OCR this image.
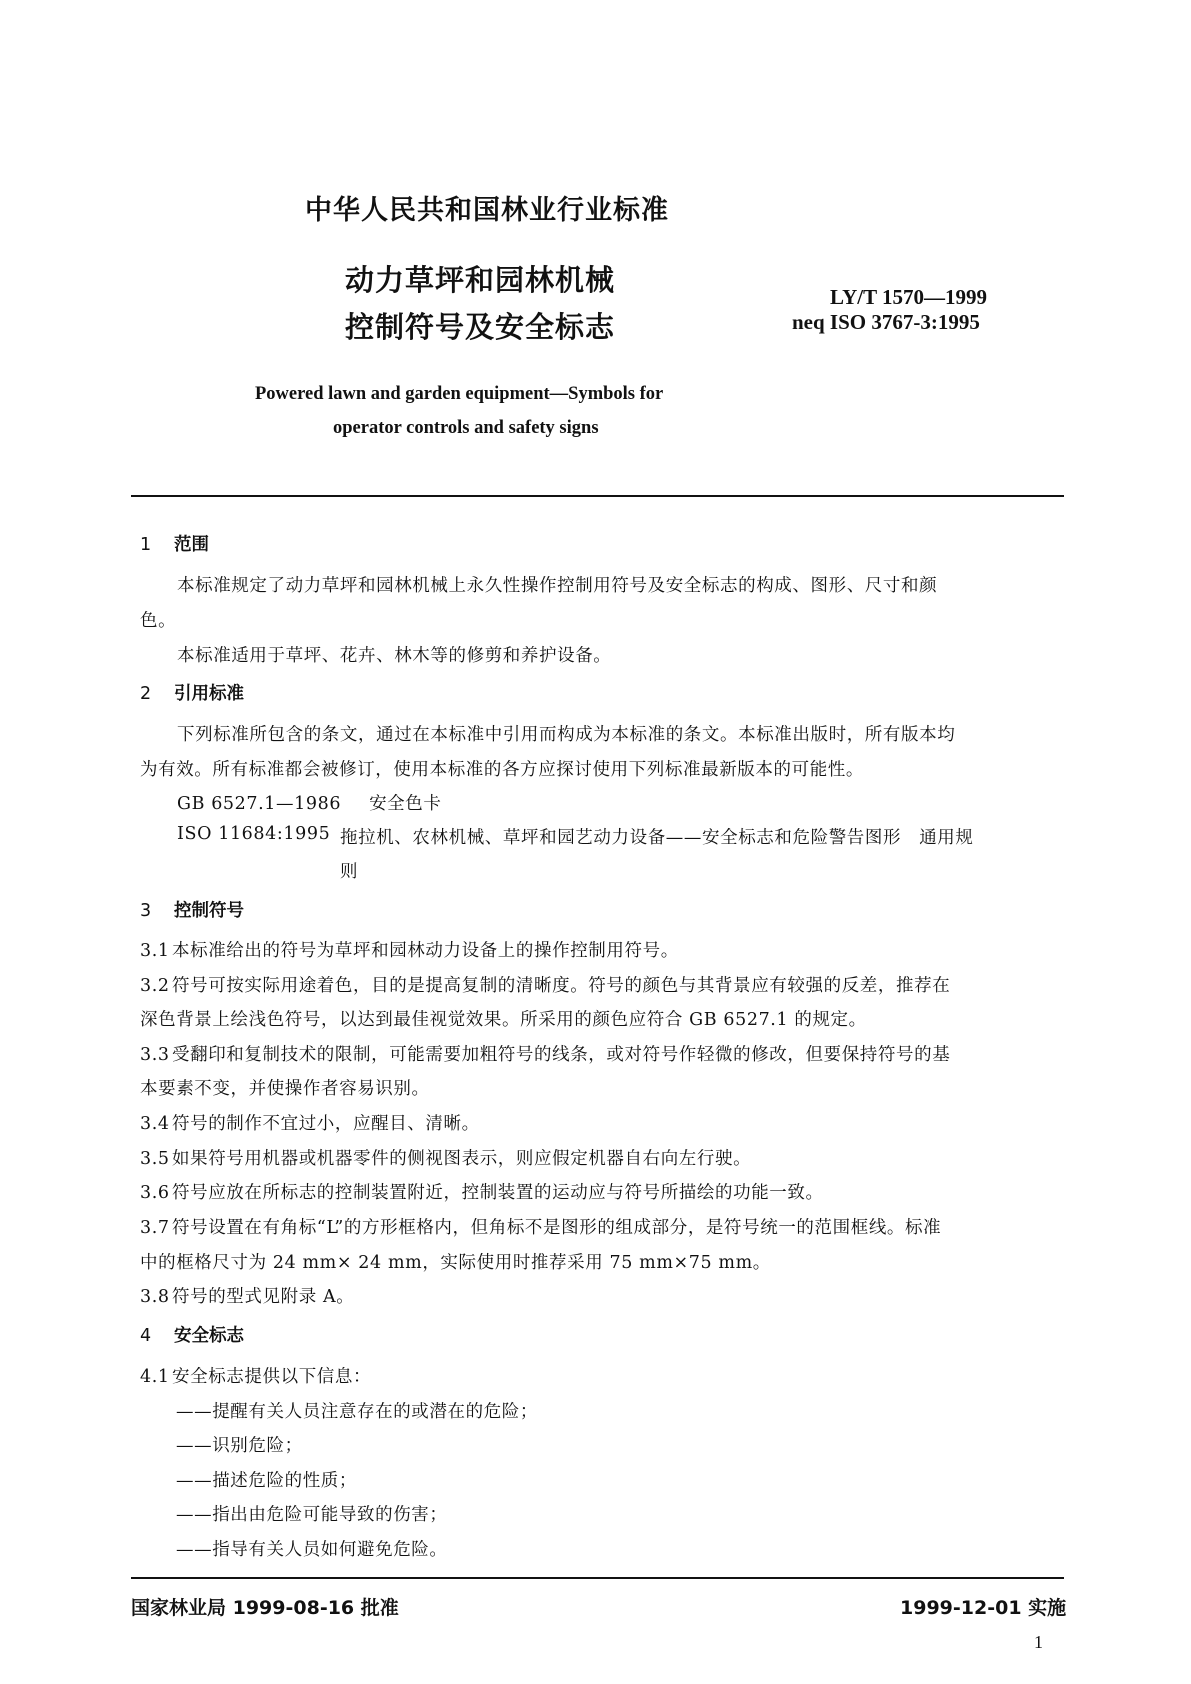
中华人民共和国林业行业标准
动力草坪和园林机械
控制符号及安全标志
LY/T 1570—1999
neq ISO 3767-3:1995
Powered lawn and garden equipment—Symbols for
operator controls and safety signs
1 范围
本标准规定了动力草坪和园林机械上永久性操作控制用符号及安全标志的构成、图形、尺寸和颜
色。
本标准适用于草坪、花卉、林木等的修剪和养护设备。
2 引用标准
下列标准所包含的条文，通过在本标准中引用而构成为本标准的条文。本标准出版时，所有版本均
为有效。所有标准都会被修订，使用本标准的各方应探讨使用下列标准最新版本的可能性。
GB 6527.1—1986 安全色卡
ISO 11684:1995 拖拉机、农林机械、草坪和园艺动力设备——安全标志和危险警告图形　通用规
则
3 控制符号
3.1 本标准给出的符号为草坪和园林动力设备上的操作控制用符号。
3.2 符号可按实际用途着色，目的是提高复制的清晰度。符号的颜色与其背景应有较强的反差，推荐在
深色背景上绘浅色符号，以达到最佳视觉效果。所采用的颜色应符合 GB 6527.1 的规定。
3.3 受翻印和复制技术的限制，可能需要加粗符号的线条，或对符号作轻微的修改，但要保持符号的基
本要素不变，并使操作者容易识别。
3.4 符号的制作不宜过小，应醒目、清晰。
3.5 如果符号用机器或机器零件的侧视图表示，则应假定机器自右向左行驶。
3.6 符号应放在所标志的控制装置附近，控制装置的运动应与符号所描绘的功能一致。
3.7 符号设置在有角标“L”的方形框格内，但角标不是图形的组成部分，是符号统一的范围框线。标准
中的框格尺寸为 24 mm× 24 mm，实际使用时推荐采用 75 mm×75 mm。
3.8 符号的型式见附录 A。
4 安全标志
4.1 安全标志提供以下信息：
——提醒有关人员注意存在的或潜在的危险；
——识别危险；
——描述危险的性质；
——指出由危险可能导致的伤害；
——指导有关人员如何避免危险。
国家林业局 1999-08-16 批准	1999-12-01 实施
1
